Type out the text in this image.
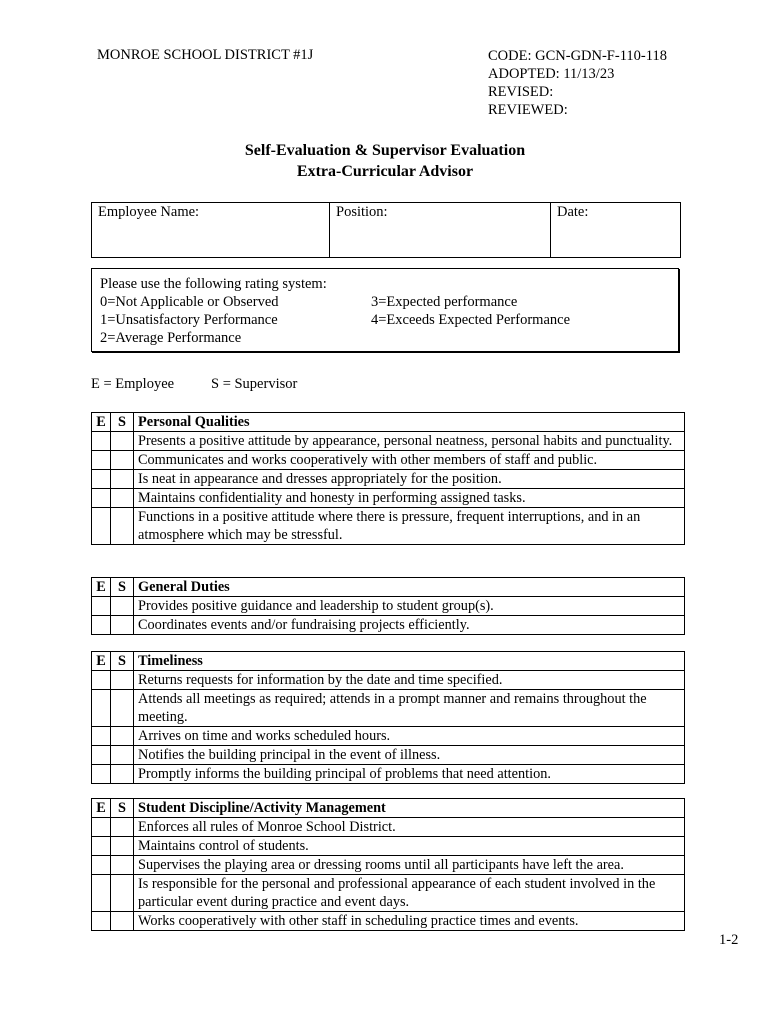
MONROE SCHOOL DISTRICT #1J	CODE: GCN-GDN-F-110-118
ADOPTED: 11/13/23
REVISED:
REVIEWED:
Self-Evaluation & Supervisor Evaluation
Extra-Curricular Advisor
Employee Name:	Position:	Date:
Please use the following rating system:
0=Not Applicable or Observed
1=Unsatisfactory Performance
2=Average Performance
3=Expected performance
4=Exceeds Expected Performance
E = Employee	S = Supervisor
E	S	Personal Qualities
		Presents a positive attitude by appearance, personal neatness, personal habits and punctuality.
		Communicates and works cooperatively with other members of staff and public.
		Is neat in appearance and dresses appropriately for the position.
		Maintains confidentiality and honesty in performing assigned tasks.
		Functions in a positive attitude where there is pressure, frequent interruptions, and in an atmosphere which may be stressful.
E	S	General Duties
		Provides positive guidance and leadership to student group(s).
		Coordinates events and/or fundraising projects efficiently.
E	S	Timeliness
		Returns requests for information by the date and time specified.
		Attends all meetings as required; attends in a prompt manner and remains throughout the meeting.
		Arrives on time and works scheduled hours.
		Notifies the building principal in the event of illness.
		Promptly informs the building principal of problems that need attention.
E	S	Student Discipline/Activity Management
		Enforces all rules of Monroe School District.
		Maintains control of students.
		Supervises the playing area or dressing rooms until all participants have left the area.
		Is responsible for the personal and professional appearance of each student involved in the particular event during practice and event days.
		Works cooperatively with other staff in scheduling practice times and events.
1-2
